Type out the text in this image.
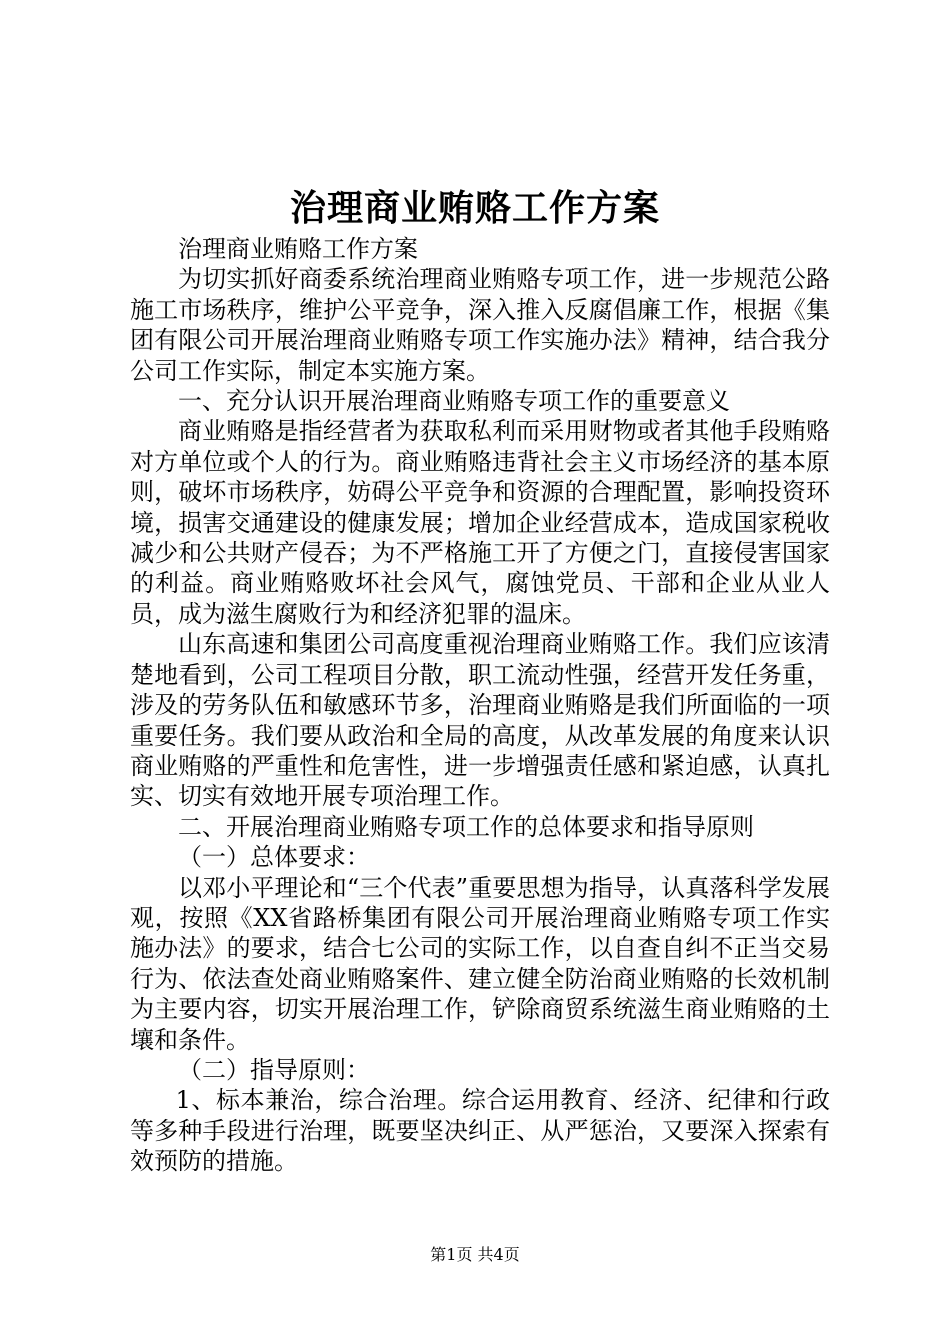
治理商业贿赂工作方案

治理商业贿赂工作方案

为切实抓好商委系统治理商业贿赂专项工作，进一步规范公路施工市场秩序，维护公平竞争，深入推入反腐倡廉工作，根据《集团有限公司开展治理商业贿赂专项工作实施办法》精神，结合我分公司工作实际，制定本实施方案。

一、充分认识开展治理商业贿赂专项工作的重要意义

商业贿赂是指经营者为获取私利而采用财物或者其他手段贿赂对方单位或个人的行为。商业贿赂违背社会主义市场经济的基本原则，破坏市场秩序，妨碍公平竞争和资源的合理配置，影响投资环境，损害交通建设的健康发展；增加企业经营成本，造成国家税收减少和公共财产侵吞；为不严格施工开了方便之门，直接侵害国家的利益。商业贿赂败坏社会风气，腐蚀党员、干部和企业从业人员，成为滋生腐败行为和经济犯罪的温床。

山东高速和集团公司高度重视治理商业贿赂工作。我们应该清楚地看到，公司工程项目分散，职工流动性强，经营开发任务重，涉及的劳务队伍和敏感环节多，治理商业贿赂是我们所面临的一项重要任务。我们要从政治和全局的高度，从改革发展的角度来认识商业贿赂的严重性和危害性，进一步增强责任感和紧迫感，认真扎实、切实有效地开展专项治理工作。

二、开展治理商业贿赂专项工作的总体要求和指导原则

（一）总体要求：

以邓小平理论和“三个代表”重要思想为指导，认真落科学发展观，按照《XX省路桥集团有限公司开展治理商业贿赂专项工作实施办法》的要求，结合七公司的实际工作，以自查自纠不正当交易行为、依法查处商业贿赂案件、建立健全防治商业贿赂的长效机制为主要内容，切实开展治理工作，铲除商贸系统滋生商业贿赂的土壤和条件。

（二）指导原则：

1、标本兼治，综合治理。综合运用教育、经济、纪律和行政等多种手段进行治理，既要坚决纠正、从严惩治，又要深入探索有效预防的措施。

第1页 共4页
